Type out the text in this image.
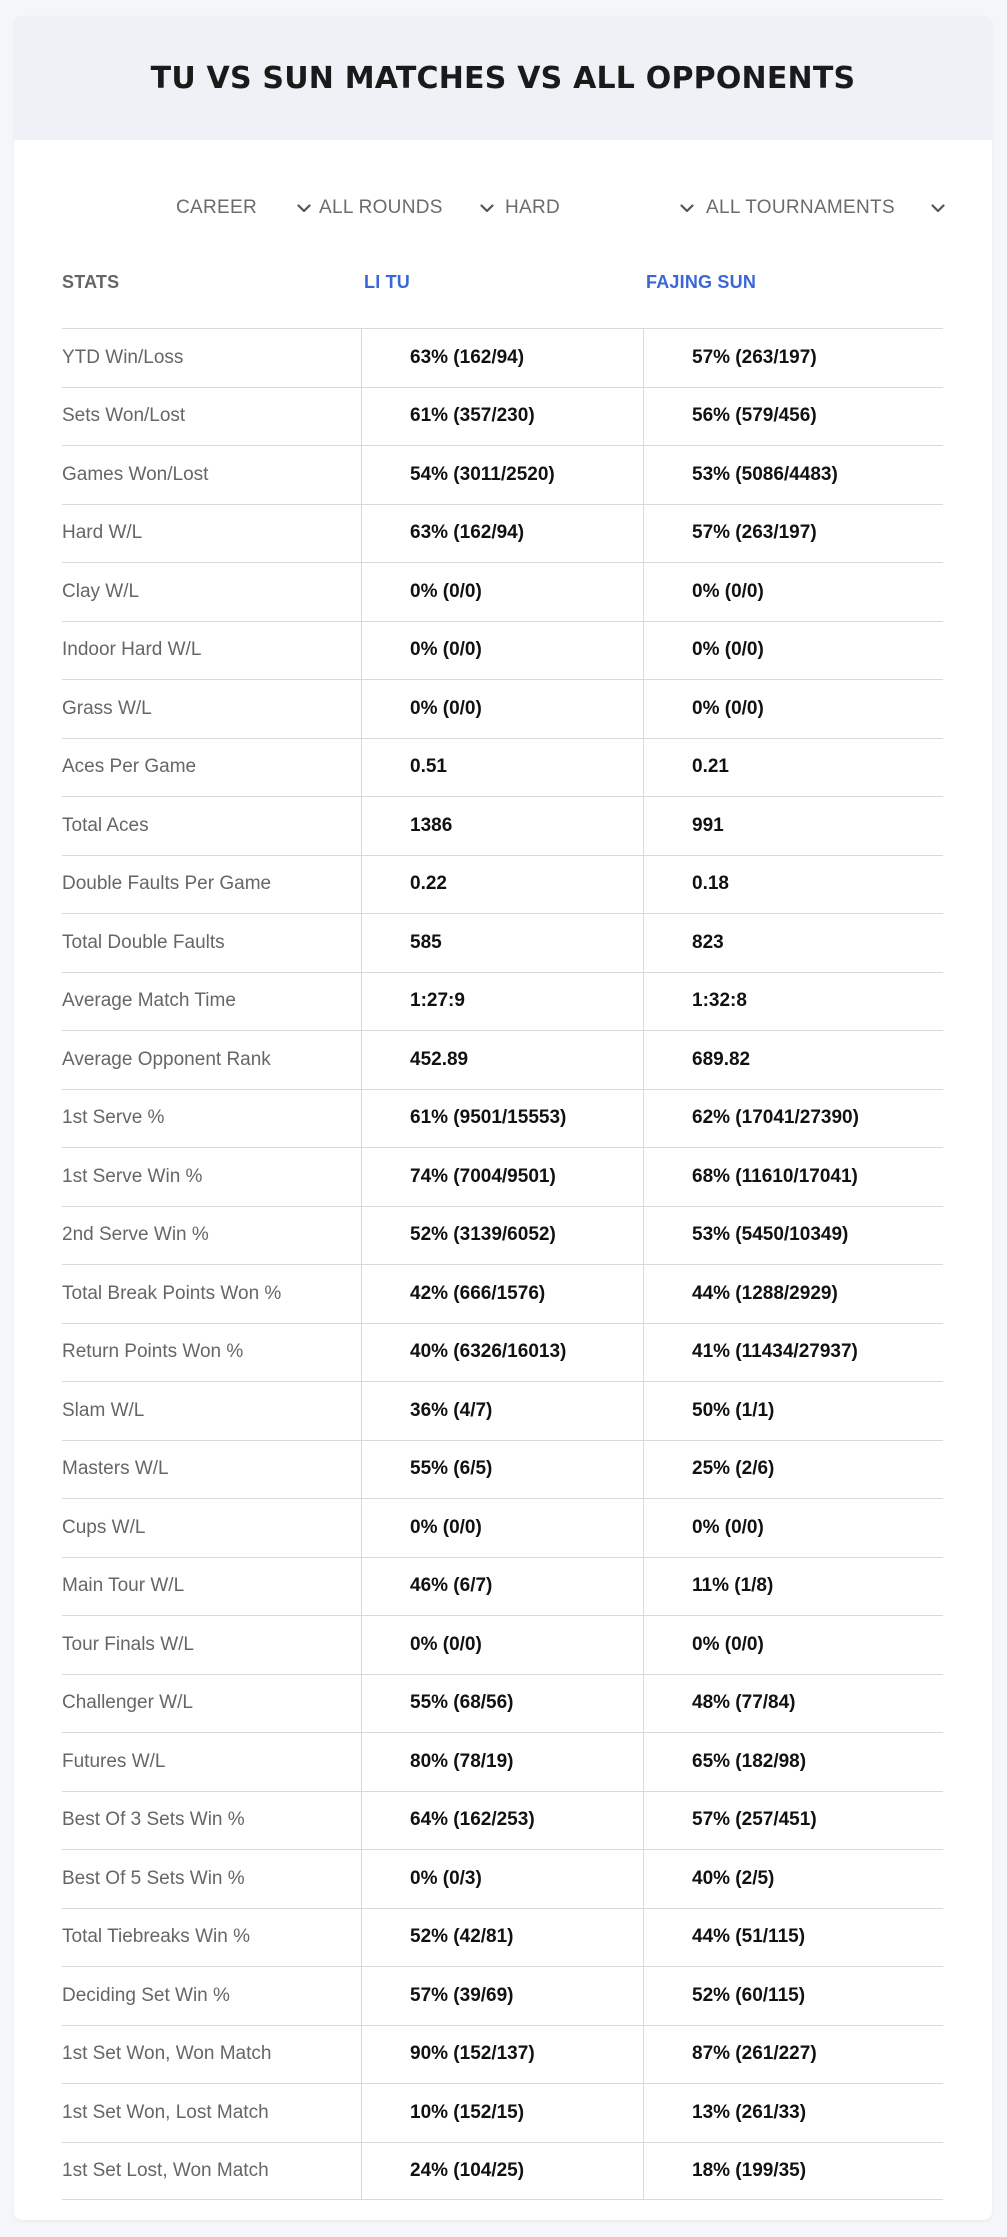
TU VS SUN MATCHES VS ALL OPPONENTS
CAREER	ALL ROUNDS	HARD	ALL TOURNAMENTS
STATS	LI TU	FAJING SUN
YTD Win/Loss	63% (162/94)	57% (263/197)
Sets Won/Lost	61% (357/230)	56% (579/456)
Games Won/Lost	54% (3011/2520)	53% (5086/4483)
Hard W/L	63% (162/94)	57% (263/197)
Clay W/L	0% (0/0)	0% (0/0)
Indoor Hard W/L	0% (0/0)	0% (0/0)
Grass W/L	0% (0/0)	0% (0/0)
Aces Per Game	0.51	0.21
Total Aces	1386	991
Double Faults Per Game	0.22	0.18
Total Double Faults	585	823
Average Match Time	1:27:9	1:32:8
Average Opponent Rank	452.89	689.82
1st Serve %	61% (9501/15553)	62% (17041/27390)
1st Serve Win %	74% (7004/9501)	68% (11610/17041)
2nd Serve Win %	52% (3139/6052)	53% (5450/10349)
Total Break Points Won %	42% (666/1576)	44% (1288/2929)
Return Points Won %	40% (6326/16013)	41% (11434/27937)
Slam W/L	36% (4/7)	50% (1/1)
Masters W/L	55% (6/5)	25% (2/6)
Cups W/L	0% (0/0)	0% (0/0)
Main Tour W/L	46% (6/7)	11% (1/8)
Tour Finals W/L	0% (0/0)	0% (0/0)
Challenger W/L	55% (68/56)	48% (77/84)
Futures W/L	80% (78/19)	65% (182/98)
Best Of 3 Sets Win %	64% (162/253)	57% (257/451)
Best Of 5 Sets Win %	0% (0/3)	40% (2/5)
Total Tiebreaks Win %	52% (42/81)	44% (51/115)
Deciding Set Win %	57% (39/69)	52% (60/115)
1st Set Won, Won Match	90% (152/137)	87% (261/227)
1st Set Won, Lost Match	10% (152/15)	13% (261/33)
1st Set Lost, Won Match	24% (104/25)	18% (199/35)
